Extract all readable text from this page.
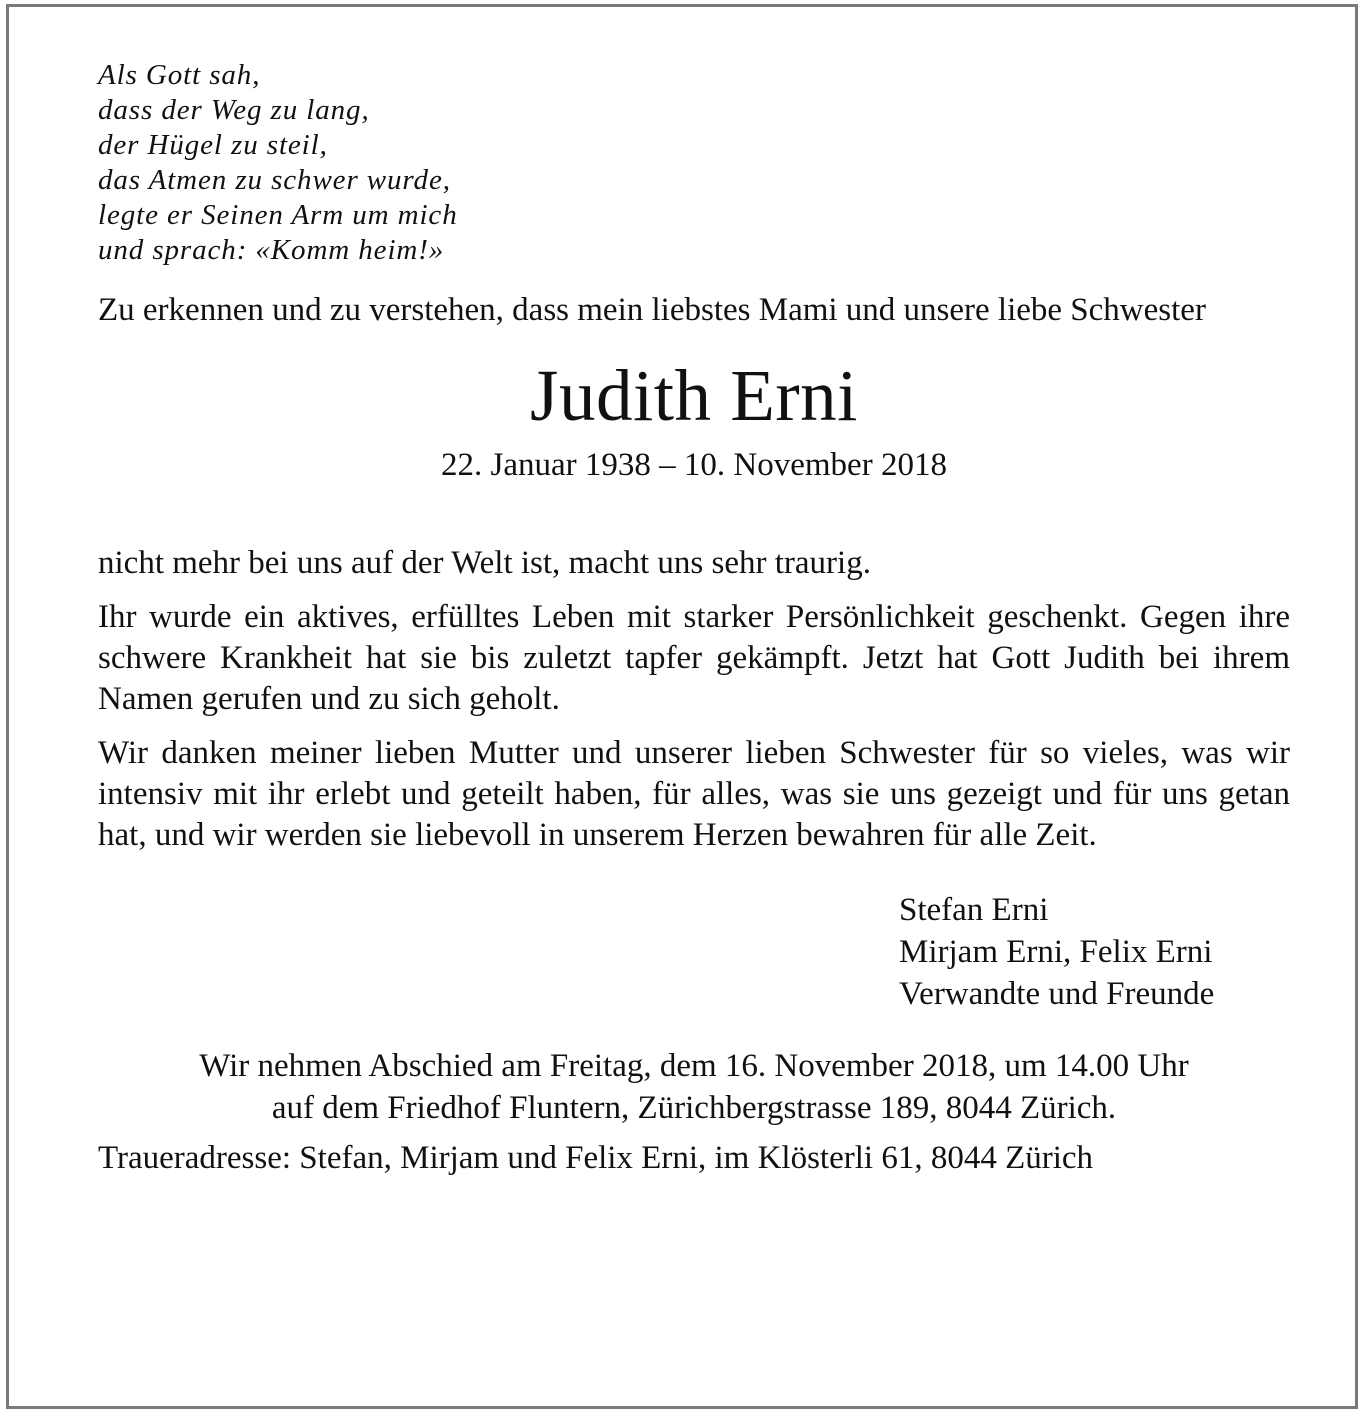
Als Gott sah,
dass der Weg zu lang,
der Hügel zu steil,
das Atmen zu schwer wurde,
legte er Seinen Arm um mich
und sprach: «Komm heim!»
Zu erkennen und zu verstehen, dass mein liebstes Mami und unsere liebe Schwester
Judith Erni
22. Januar 1938 – 10. November 2018
nicht mehr bei uns auf der Welt ist, macht uns sehr traurig.
Ihr wurde ein aktives, erfülltes Leben mit starker Persönlichkeit geschenkt. Gegen ihre schwere Krankheit hat sie bis zuletzt tapfer gekämpft. Jetzt hat Gott Judith bei ihrem Namen gerufen und zu sich geholt.
Wir danken meiner lieben Mutter und unserer lieben Schwester für so vieles, was wir intensiv mit ihr erlebt und geteilt haben, für alles, was sie uns gezeigt und für uns getan hat, und wir werden sie liebevoll in unserem Herzen bewahren für alle Zeit.
Stefan Erni
Mirjam Erni, Felix Erni
Verwandte und Freunde
Wir nehmen Abschied am Freitag, dem 16. November 2018, um 14.00 Uhr
auf dem Friedhof Fluntern, Zürichbergstrasse 189, 8044 Zürich.
Traueradresse: Stefan, Mirjam und Felix Erni, im Klösterli 61, 8044 Zürich
